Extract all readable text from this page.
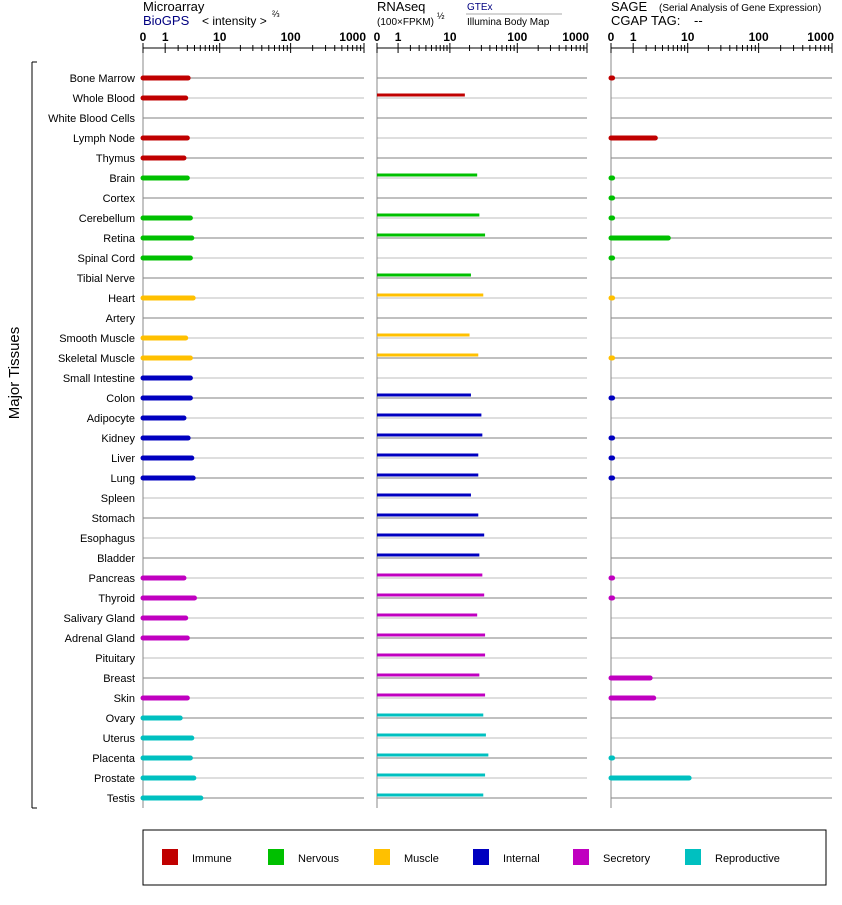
Microarray
BioGPS < intensity > ⅔	RNAseq
(100×FPKM)
½
GTEx
Illumina Body Map
SAGE (Serial Analysis of Gene Expression)
CGAP TAG: --
Major Tissues
Bone Marrow
Whole Blood
White Blood Cells
Lymph Node
Thymus
Brain
Cortex
Cerebellum
Retina
Spinal Cord
Tibial Nerve
Heart
Artery
Smooth Muscle
Skeletal Muscle
Small Intestine
Colon
Adipocyte
Kidney
Liver
Lung
Spleen
Stomach
Esophagus
Bladder
Pancreas
Thyroid
Salivary Gland
Adrenal Gland
Pituitary
Breast
Skin
Ovary
Uterus
Placenta
Prostate
Testis
0 1	10	100	1000 0 1	10	100	1000 0 1	10	100	1000
Immune	Nervous	Muscle	Internal	Secretory	Reproductive
